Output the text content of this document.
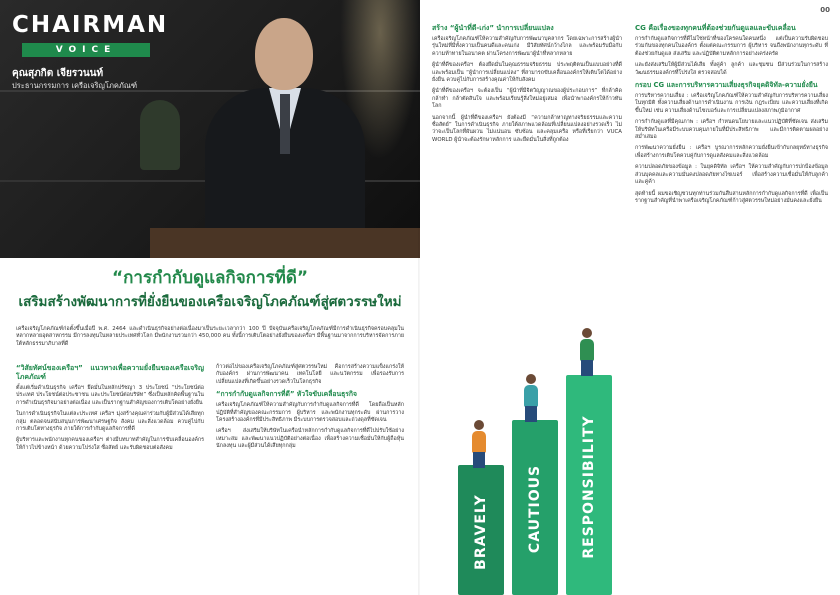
CHAIRMAN
VOICE
คุณสุภกิต เจียรวนนท์
ประธานกรรมการ เครือเจริญโภคภัณฑ์
“การกำกับดูแลกิจการที่ดี”
เสริมสร้างพัฒนาการที่ยั่งยืนของเครือเจริญโภคภัณฑ์สู่ศตวรรษใหม่
เครือเจริญโภคภัณฑ์ก่อตั้งขึ้นเมื่อปี พ.ศ. 2464 และดำเนินธุรกิจอย่างต่อเนื่องมาเป็นระยะเวลากว่า 100 ปี ปัจจุบันเครือเจริญโภคภัณฑ์มีการดำเนินธุรกิจครอบคลุมในหลากหลายอุตสาหกรรม มีการลงทุนในหลายประเทศทั่วโลก มีพนักงานรวมกว่า 450,000 คน ทั้งนี้การเติบโตอย่างยั่งยืนของเครือฯ มีพื้นฐานมาจากการบริหารจัดการภายใต้หลักธรรมาภิบาลที่ดี
“วิสัยทัศน์ของเครือฯ” แนวทางเพื่อความยั่งยืนของเครือเจริญโภคภัณฑ์

ตั้งแต่เริ่มดำเนินธุรกิจ เครือฯ ยึดมั่นในหลักปรัชญา 3 ประโยชน์ “ประโยชน์ต่อประเทศ ประโยชน์ต่อประชาชน และประโยชน์ต่อบริษัท” ซึ่งเป็นหลักคิดพื้นฐานในการดำเนินธุรกิจมาอย่างต่อเนื่อง และเป็นรากฐานสำคัญของการเติบโตอย่างยั่งยืน

ในการดำเนินธุรกิจในแต่ละประเทศ เครือฯ มุ่งสร้างคุณค่าร่วมกับผู้มีส่วนได้เสียทุกกลุ่ม ตลอดจนสนับสนุนการพัฒนาเศรษฐกิจ สังคม และสิ่งแวดล้อม ควบคู่ไปกับการเติบโตทางธุรกิจ ภายใต้การกำกับดูแลกิจการที่ดี

ผู้บริหารและพนักงานทุกคนของเครือฯ ต่างมีบทบาทสำคัญในการขับเคลื่อนองค์กรให้ก้าวไปข้างหน้า ด้วยความโปร่งใส ซื่อสัตย์ และรับผิดชอบต่อสังคม

ก้าวต่อไปของเครือเจริญโภคภัณฑ์สู่ศตวรรษใหม่ คือการสร้างความแข็งแกร่งให้กับองค์กร ผ่านการพัฒนาคน เทคโนโลยี และนวัตกรรม เพื่อรองรับการเปลี่ยนแปลงที่เกิดขึ้นอย่างรวดเร็วในโลกธุรกิจ

“การกำกับดูแลกิจการที่ดี” หัวใจขับเคลื่อนธุรกิจ

เครือเจริญโภคภัณฑ์ให้ความสำคัญกับการกำกับดูแลกิจการที่ดี โดยถือเป็นหลักปฏิบัติที่สำคัญของคณะกรรมการ ผู้บริหาร และพนักงานทุกระดับ ผ่านการวางโครงสร้างองค์กรที่มีประสิทธิภาพ มีระบบการตรวจสอบและถ่วงดุลที่ชัดเจน

เครือฯ ส่งเสริมให้บริษัทในเครือนำหลักการกำกับดูแลกิจการที่ดีไปปรับใช้อย่างเหมาะสม และพัฒนาแนวปฏิบัติอย่างต่อเนื่อง เพื่อสร้างความเชื่อมั่นให้กับผู้ถือหุ้น นักลงทุน และผู้มีส่วนได้เสียทุกกลุ่ม

00
สร้าง “ผู้นำที่ดี-เก่ง” นำการเปลี่ยนแปลง

เครือเจริญโภคภัณฑ์ให้ความสำคัญกับการพัฒนาบุคลากร โดยเฉพาะการสร้างผู้นำรุ่นใหม่ที่มีทั้งความเป็นคนดีและคนเก่ง มีวิสัยทัศน์กว้างไกล และพร้อมรับมือกับความท้าทายในอนาคต ผ่านโครงการพัฒนาผู้นำที่หลากหลาย

ผู้นำที่ดีของเครือฯ ต้องยึดมั่นในคุณธรรมจริยธรรม ประพฤติตนเป็นแบบอย่างที่ดี และพร้อมเป็น “ผู้นำการเปลี่ยนแปลง” ที่สามารถขับเคลื่อนองค์กรให้เติบโตได้อย่างยั่งยืน ควบคู่ไปกับการสร้างคุณค่าให้กับสังคม

ผู้นำที่ดีของเครือฯ จะต้องเป็น “ผู้นำที่มีจิตวิญญาณของผู้ประกอบการ” ที่กล้าคิด กล้าทำ กล้าตัดสินใจ และพร้อมเรียนรู้สิ่งใหม่อยู่เสมอ เพื่อนำพาองค์กรให้ก้าวทันโลก

นอกจากนี้ ผู้นำที่ดีของเครือฯ ยังต้องมี “ความกล้าหาญทางจริยธรรมและความซื่อสัตย์” ในการดำเนินธุรกิจ ภายใต้สภาพแวดล้อมที่เปลี่ยนแปลงอย่างรวดเร็ว ไม่ว่าจะเป็นโลกที่ผันผวน ไม่แน่นอน ซับซ้อน และคลุมเครือ หรือที่เรียกว่า VUCA WORLD ผู้นำจะต้องรักษาหลักการ และยึดมั่นในสิ่งที่ถูกต้อง

BRAVELY	CAUTIOUS	RESPONSIBILITY
CG คือเรื่องของทุกคนที่ต้องช่วยกันดูแลและขับเคลื่อน

การกำกับดูแลกิจการที่ดีไม่ใช่หน้าที่ของใครคนใดคนหนึ่ง แต่เป็นความรับผิดชอบร่วมกันของทุกคนในองค์กร ตั้งแต่คณะกรรมการ ผู้บริหาร จนถึงพนักงานทุกระดับ ที่ต้องช่วยกันดูแล ส่งเสริม และปฏิบัติตามหลักการอย่างเคร่งครัด

และยังส่งเสริมให้ผู้มีส่วนได้เสีย ทั้งคู่ค้า ลูกค้า และชุมชน มีส่วนร่วมในการสร้างวัฒนธรรมองค์กรที่โปร่งใส ตรวจสอบได้

กรอบ CG และการบริหารความเสี่ยงธุรกิจยุคดิจิทัล-ความยั่งยืน

การบริหารความเสี่ยง : เครือเจริญโภคภัณฑ์ให้ความสำคัญกับการบริหารความเสี่ยงในทุกมิติ ทั้งความเสี่ยงด้านการดำเนินงาน การเงิน กฎระเบียบ และความเสี่ยงที่เกิดขึ้นใหม่ เช่น ความเสี่ยงด้านไซเบอร์และการเปลี่ยนแปลงสภาพภูมิอากาศ

การกำกับดูแลที่มีคุณภาพ : เครือฯ กำหนดนโยบายและแนวปฏิบัติที่ชัดเจน ส่งเสริมให้บริษัทในเครือมีระบบควบคุมภายในที่มีประสิทธิภาพ และมีการติดตามผลอย่างสม่ำเสมอ

การพัฒนาความยั่งยืน : เครือฯ บูรณาการหลักความยั่งยืนเข้ากับกลยุทธ์ทางธุรกิจ เพื่อสร้างการเติบโตควบคู่กับการดูแลสังคมและสิ่งแวดล้อม

ความปลอดภัยของข้อมูล : ในยุคดิจิทัล เครือฯ ให้ความสำคัญกับการปกป้องข้อมูลส่วนบุคคลและความมั่นคงปลอดภัยทางไซเบอร์ เพื่อสร้างความเชื่อมั่นให้กับลูกค้าและคู่ค้า

สุดท้ายนี้ ผมขอเชิญชวนทุกท่านร่วมกันสืบสานหลักการกำกับดูแลกิจการที่ดี เพื่อเป็นรากฐานสำคัญที่นำพาเครือเจริญโภคภัณฑ์ก้าวสู่ศตวรรษใหม่อย่างมั่นคงและยั่งยืน
